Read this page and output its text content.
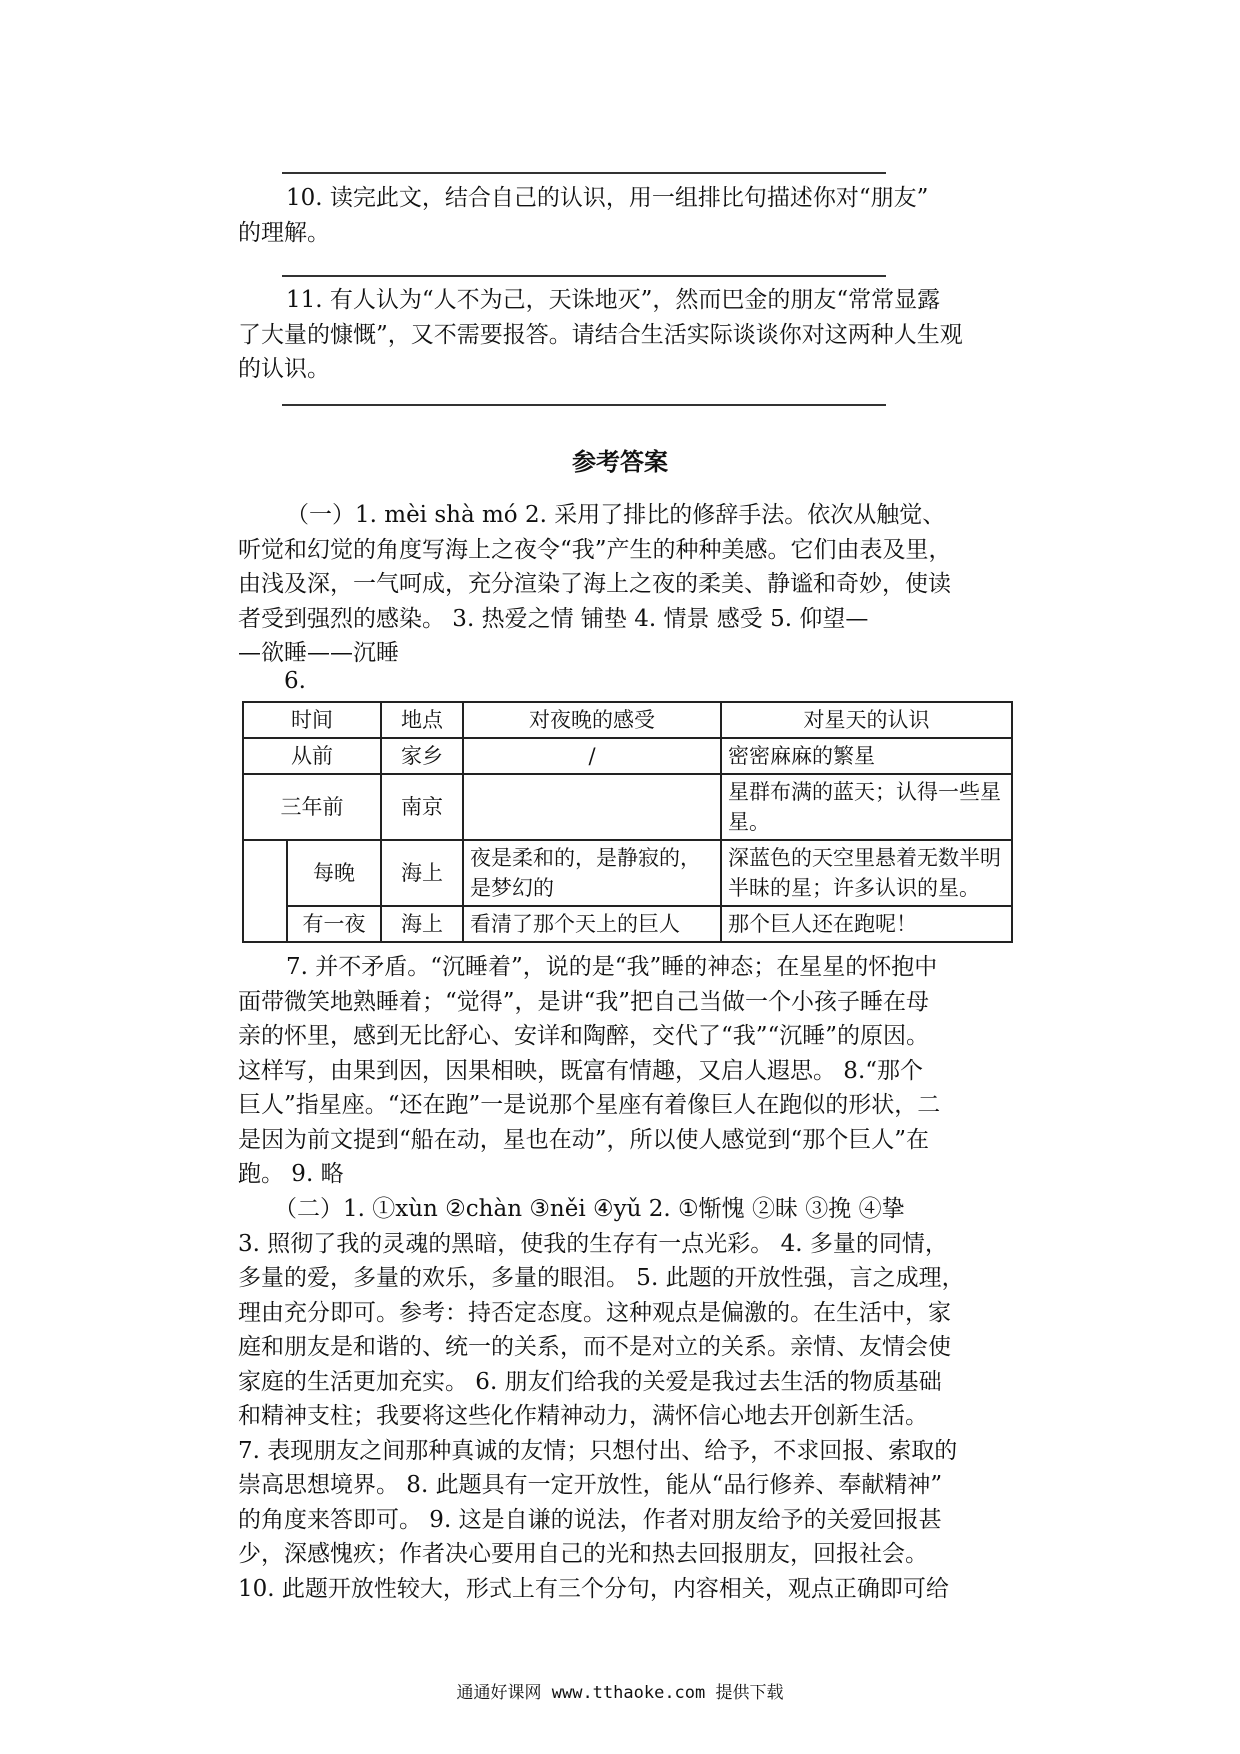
10. 读完此文，结合自己的认识，用一组排比句描述你对“朋友”
的理解。
11. 有人认为“人不为己，天诛地灭”，然而巴金的朋友“常常显露
了大量的慷慨”，又不需要报答。请结合生活实际谈谈你对这两种人生观
的认识。
参考答案
（一）1. mèi shà mó 2. 采用了排比的修辞手法。依次从触觉、
听觉和幻觉的角度写海上之夜令“我”产生的种种美感。它们由表及里，
由浅及深，一气呵成，充分渲染了海上之夜的柔美、静谧和奇妙，使读
者受到强烈的感染。 3. 热爱之情 铺垫 4. 情景 感受 5. 仰望—
—欲睡——沉睡
6.
时间		地点	对夜晚的感受	对星天的认识
从前		家乡	/	密密麻麻的繁星
三年前		南京		星群布满的蓝天；认得一些星星。
	每晚	海上	夜是柔和的，是静寂的，是梦幻的	深蓝色的天空里悬着无数半明半昧的星；许多认识的星。
	有一夜	海上	看清了那个天上的巨人	那个巨人还在跑呢！
7. 并不矛盾。“沉睡着”，说的是“我”睡的神态；在星星的怀抱中
面带微笑地熟睡着；“觉得”，是讲“我”把自己当做一个小孩子睡在母
亲的怀里，感到无比舒心、安详和陶醉，交代了“我”“沉睡”的原因。
这样写，由果到因，因果相映，既富有情趣，又启人遐思。 8.“那个
巨人”指星座。“还在跑”一是说那个星座有着像巨人在跑似的形状，二
是因为前文提到“船在动，星也在动”，所以使人感觉到“那个巨人”在
跑。 9. 略
（二）1. ①xùn ②chàn ③něi ④yǔ 2. ①惭愧 ②昧 ③挽 ④挚
3. 照彻了我的灵魂的黑暗，使我的生存有一点光彩。 4. 多量的同情，
多量的爱，多量的欢乐，多量的眼泪。 5. 此题的开放性强，言之成理，
理由充分即可。参考：持否定态度。这种观点是偏激的。在生活中，家
庭和朋友是和谐的、统一的关系，而不是对立的关系。亲情、友情会使
家庭的生活更加充实。 6. 朋友们给我的关爱是我过去生活的物质基础
和精神支柱；我要将这些化作精神动力，满怀信心地去开创新生活。
7. 表现朋友之间那种真诚的友情；只想付出、给予，不求回报、索取的
崇高思想境界。 8. 此题具有一定开放性，能从“品行修养、奉献精神”
的角度来答即可。 9. 这是自谦的说法，作者对朋友给予的关爱回报甚
少，深感愧疚；作者决心要用自己的光和热去回报朋友，回报社会。
10. 此题开放性较大，形式上有三个分句，内容相关，观点正确即可给
通通好课网 www.tthaoke.com 提供下载
